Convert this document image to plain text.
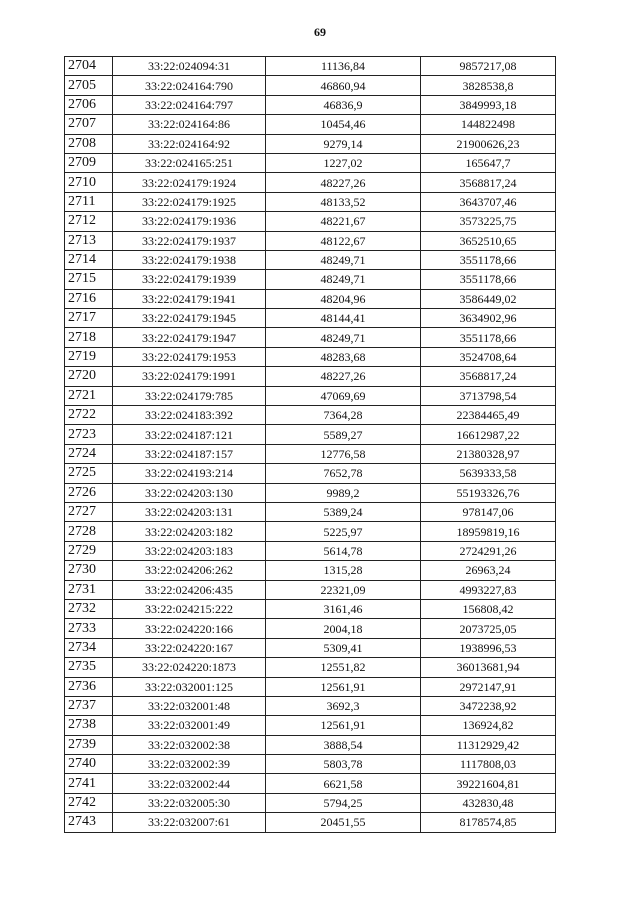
69
2704	33:22:024094:31	11136,84	9857217,08
2705	33:22:024164:790	46860,94	3828538,8
2706	33:22:024164:797	46836,9	3849993,18
2707	33:22:024164:86	10454,46	144822498
2708	33:22:024164:92	9279,14	21900626,23
2709	33:22:024165:251	1227,02	165647,7
2710	33:22:024179:1924	48227,26	3568817,24
2711	33:22:024179:1925	48133,52	3643707,46
2712	33:22:024179:1936	48221,67	3573225,75
2713	33:22:024179:1937	48122,67	3652510,65
2714	33:22:024179:1938	48249,71	3551178,66
2715	33:22:024179:1939	48249,71	3551178,66
2716	33:22:024179:1941	48204,96	3586449,02
2717	33:22:024179:1945	48144,41	3634902,96
2718	33:22:024179:1947	48249,71	3551178,66
2719	33:22:024179:1953	48283,68	3524708,64
2720	33:22:024179:1991	48227,26	3568817,24
2721	33:22:024179:785	47069,69	3713798,54
2722	33:22:024183:392	7364,28	22384465,49
2723	33:22:024187:121	5589,27	16612987,22
2724	33:22:024187:157	12776,58	21380328,97
2725	33:22:024193:214	7652,78	5639333,58
2726	33:22:024203:130	9989,2	55193326,76
2727	33:22:024203:131	5389,24	978147,06
2728	33:22:024203:182	5225,97	18959819,16
2729	33:22:024203:183	5614,78	2724291,26
2730	33:22:024206:262	1315,28	26963,24
2731	33:22:024206:435	22321,09	4993227,83
2732	33:22:024215:222	3161,46	156808,42
2733	33:22:024220:166	2004,18	2073725,05
2734	33:22:024220:167	5309,41	1938996,53
2735	33:22:024220:1873	12551,82	36013681,94
2736	33:22:032001:125	12561,91	2972147,91
2737	33:22:032001:48	3692,3	3472238,92
2738	33:22:032001:49	12561,91	136924,82
2739	33:22:032002:38	3888,54	11312929,42
2740	33:22:032002:39	5803,78	1117808,03
2741	33:22:032002:44	6621,58	39221604,81
2742	33:22:032005:30	5794,25	432830,48
2743	33:22:032007:61	20451,55	8178574,85
